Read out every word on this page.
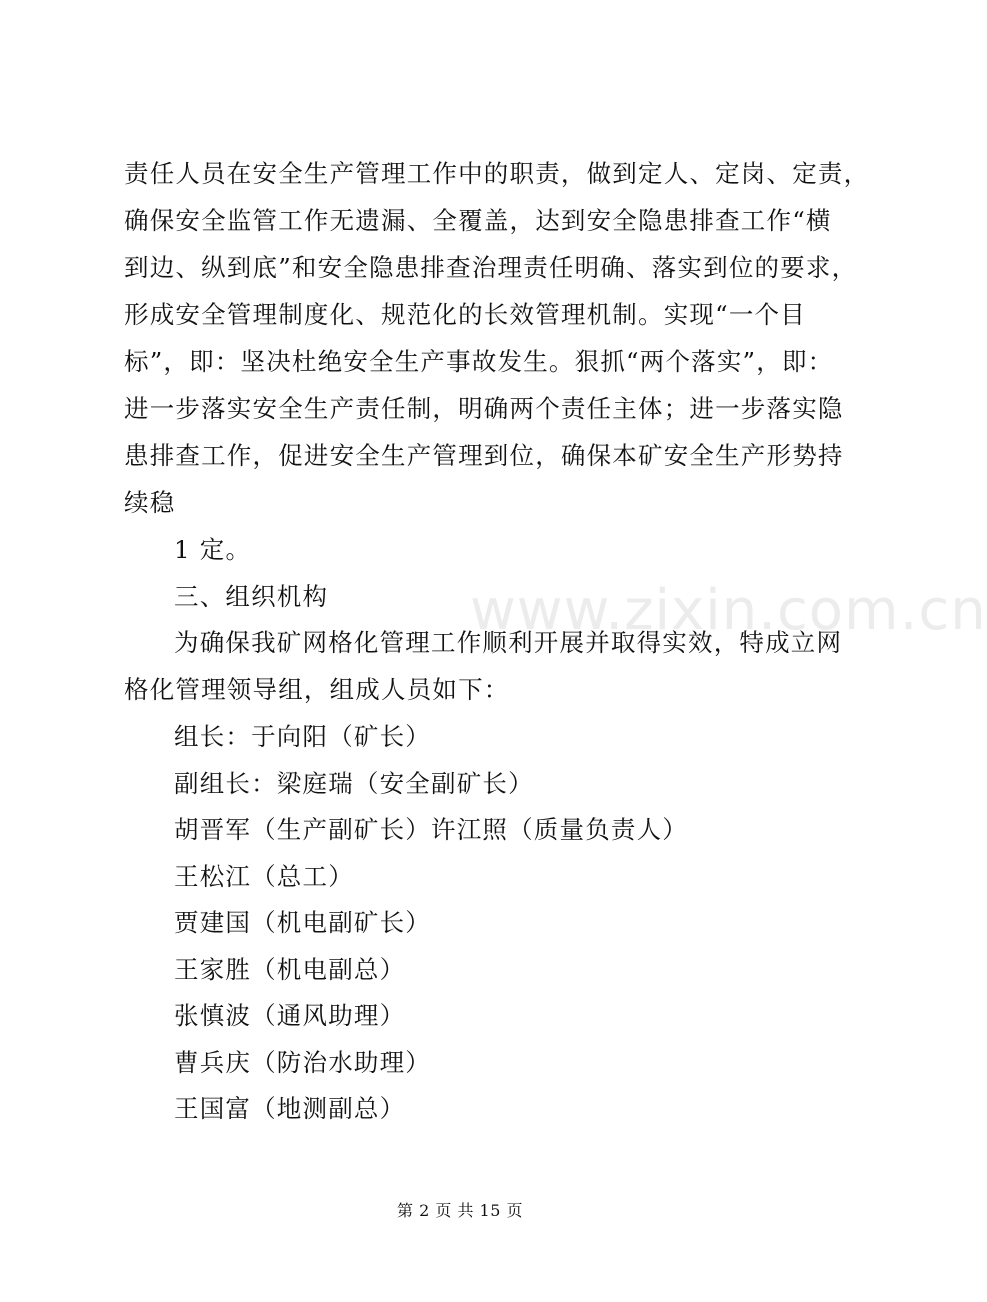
www.zixin.com.cn
责任人员在安全生产管理工作中的职责，做到定人、定岗、定责，
确保安全监管工作无遗漏、全覆盖，达到安全隐患排查工作“横
到边、纵到底”和安全隐患排查治理责任明确、落实到位的要求，
形成安全管理制度化、规范化的长效管理机制。实现“一个目
标”，即：坚决杜绝安全生产事故发生。狠抓“两个落实”，即：
进一步落实安全生产责任制，明确两个责任主体；进一步落实隐
患排查工作，促进安全生产管理到位，确保本矿安全生产形势持
续稳
1 定。
三、组织机构
为确保我矿网格化管理工作顺利开展并取得实效，特成立网
格化管理领导组，组成人员如下：
组长：于向阳（矿长）
副组长：梁庭瑞（安全副矿长）
胡晋军（生产副矿长）许江照（质量负责人）
王松江（总工）
贾建国（机电副矿长）
王家胜（机电副总）
张慎波（通风助理）
曹兵庆（防治水助理）
王国富（地测副总）
第 2 页 共 15 页
